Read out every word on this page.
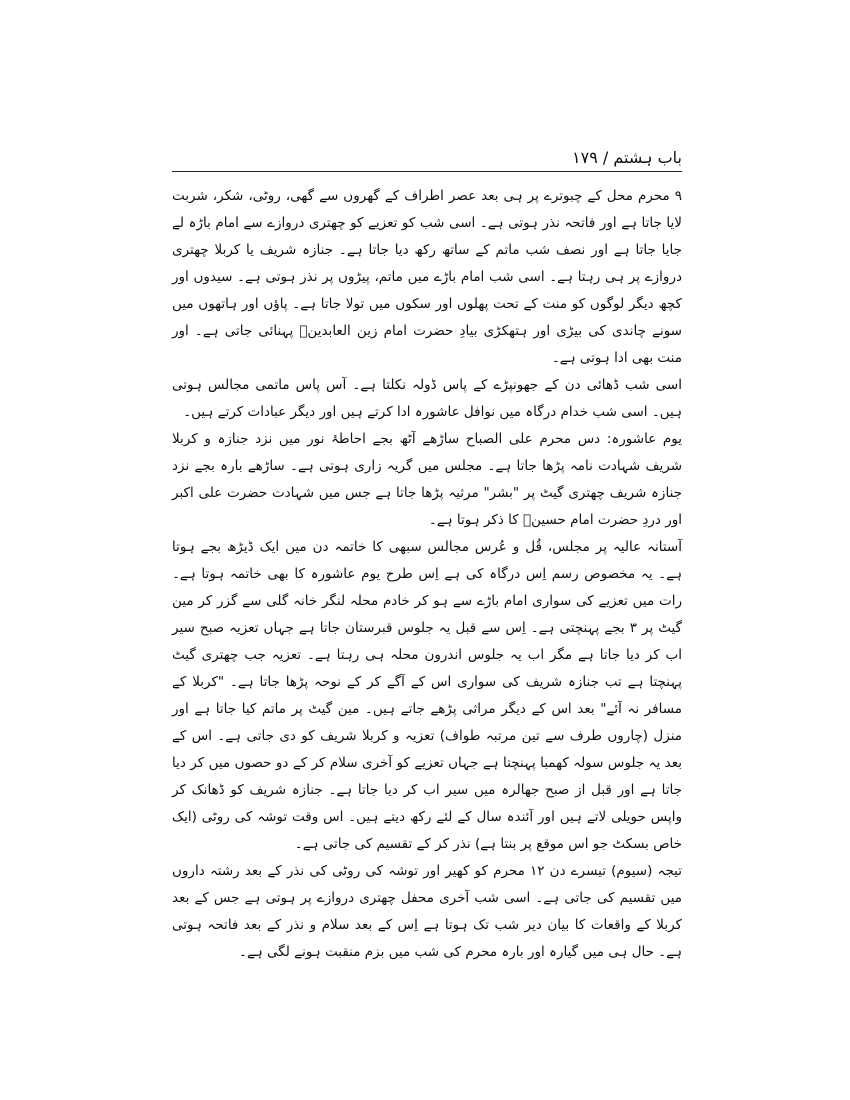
باب ہشتم / ۱۷۹

۹ محرم محل کے چبوترے پر ہی بعد عصر اطراف کے گھروں سے گھی، روٹی، شکر، شربت لایا جاتا ہے اور فاتحہ نذر ہوتی ہے۔ اسی شب کو تعزیے کو چھتری دروازے سے امام باڑہ لے جایا جاتا ہے اور نصف شب ماتم کے ساتھ رکھ دیا جاتا ہے۔ جنازہ شریف یا کربلا چھتری دروازے پر ہی رہتا ہے۔ اسی شب امام باڑے میں ماتم، پیڑوں پر نذر ہوتی ہے۔ سیدوں اور کچھ دیگر لوگوں کو منت کے تحت پھلوں اور سکوں میں تولا جاتا ہے۔ پاؤں اور ہاتھوں میں سونے چاندی کی بیڑی اور ہتھکڑی بیادِ حضرت امام زین العابدینؑ پہنائی جاتی ہے۔ اور منت بھی ادا ہوتی ہے۔

اسی شب ڈھائی دن کے جھونپڑے کے پاس ڈولہ نکلتا ہے۔ آس پاس ماتمی مجالس ہوتی ہیں۔ اسی شب خدام درگاہ میں نوافل عاشورہ ادا کرتے ہیں اور دیگر عبادات کرتے ہیں۔

یوم عاشورہ: دس محرم علی الصباح ساڑھے آٹھ بجے احاطۂ نور میں نزد جنازہ و کربلا شریف شہادت نامہ پڑھا جاتا ہے۔ مجلس میں گریہ زاری ہوتی ہے۔ ساڑھے بارہ بجے نزد جنازہ شریف چھتری گیٹ پر "بشر" مرثیہ پڑھا جاتا ہے جس میں شہادت حضرت علی اکبر اور دردِ حضرت امام حسینؑ کا ذکر ہوتا ہے۔

آستانہ عالیہ پر مجلس، قُل و عُرس مجالس سبھی کا خاتمہ دن میں ایک ڈیڑھ بجے ہوتا ہے۔ یہ مخصوص رسم اِس درگاہ کی ہے اِس طرح یوم عاشورہ کا بھی خاتمہ ہوتا ہے۔ رات میں تعزیے کی سواری امام باڑے سے ہو کر خادم محلہ لنگر خانہ گلی سے گزر کر مین گیٹ پر ۳ بجے پہنچتی ہے۔ اِس سے قبل یہ جلوس قبرستان جاتا ہے جہاں تعزیہ صبح سیر اب کر دیا جاتا ہے مگر اب یہ جلوس اندرون محلہ ہی رہتا ہے۔ تعزیہ جب چھتری گیٹ پہنچتا ہے تب جنازہ شریف کی سواری اس کے آگے کر کے نوحہ پڑھا جاتا ہے۔ "کربلا کے مسافر نہ آئے" بعد اس کے دیگر مراثی پڑھے جاتے ہیں۔ مین گیٹ پر ماتم کیا جاتا ہے اور منزل (چاروں طرف سے تین مرتبہ طواف) تعزیہ و کربلا شریف کو دی جاتی ہے۔ اس کے بعد یہ جلوس سولہ کھمبا پہنچتا ہے جہاں تعزیے کو آخری سلام کر کے دو حصوں میں کر دیا جاتا ہے اور قبل از صبح جھالرہ میں سیر اب کر دیا جاتا ہے۔ جنازہ شریف کو ڈھانک کر واپس حویلی لاتے ہیں اور آئندہ سال کے لئے رکھ دیتے ہیں۔ اس وقت توشہ کی روٹی (ایک خاص بسکٹ جو اس موقع پر بنتا ہے) نذر کر کے تقسیم کی جاتی ہے۔

تیجہ (سیوم) تیسرے دن ۱۲ محرم کو کھیر اور توشہ کی روٹی کی نذر کے بعد رشتہ داروں میں تقسیم کی جاتی ہے۔ اسی شب آخری محفل چھتری دروازے پر ہوتی ہے جس کے بعد کربلا کے واقعات کا بیان دیر شب تک ہوتا ہے اِس کے بعد سلام و نذر کے بعد فاتحہ ہوتی ہے۔ حال ہی میں گیارہ اور بارہ محرم کی شب میں بزم منقبت ہونے لگی ہے۔
